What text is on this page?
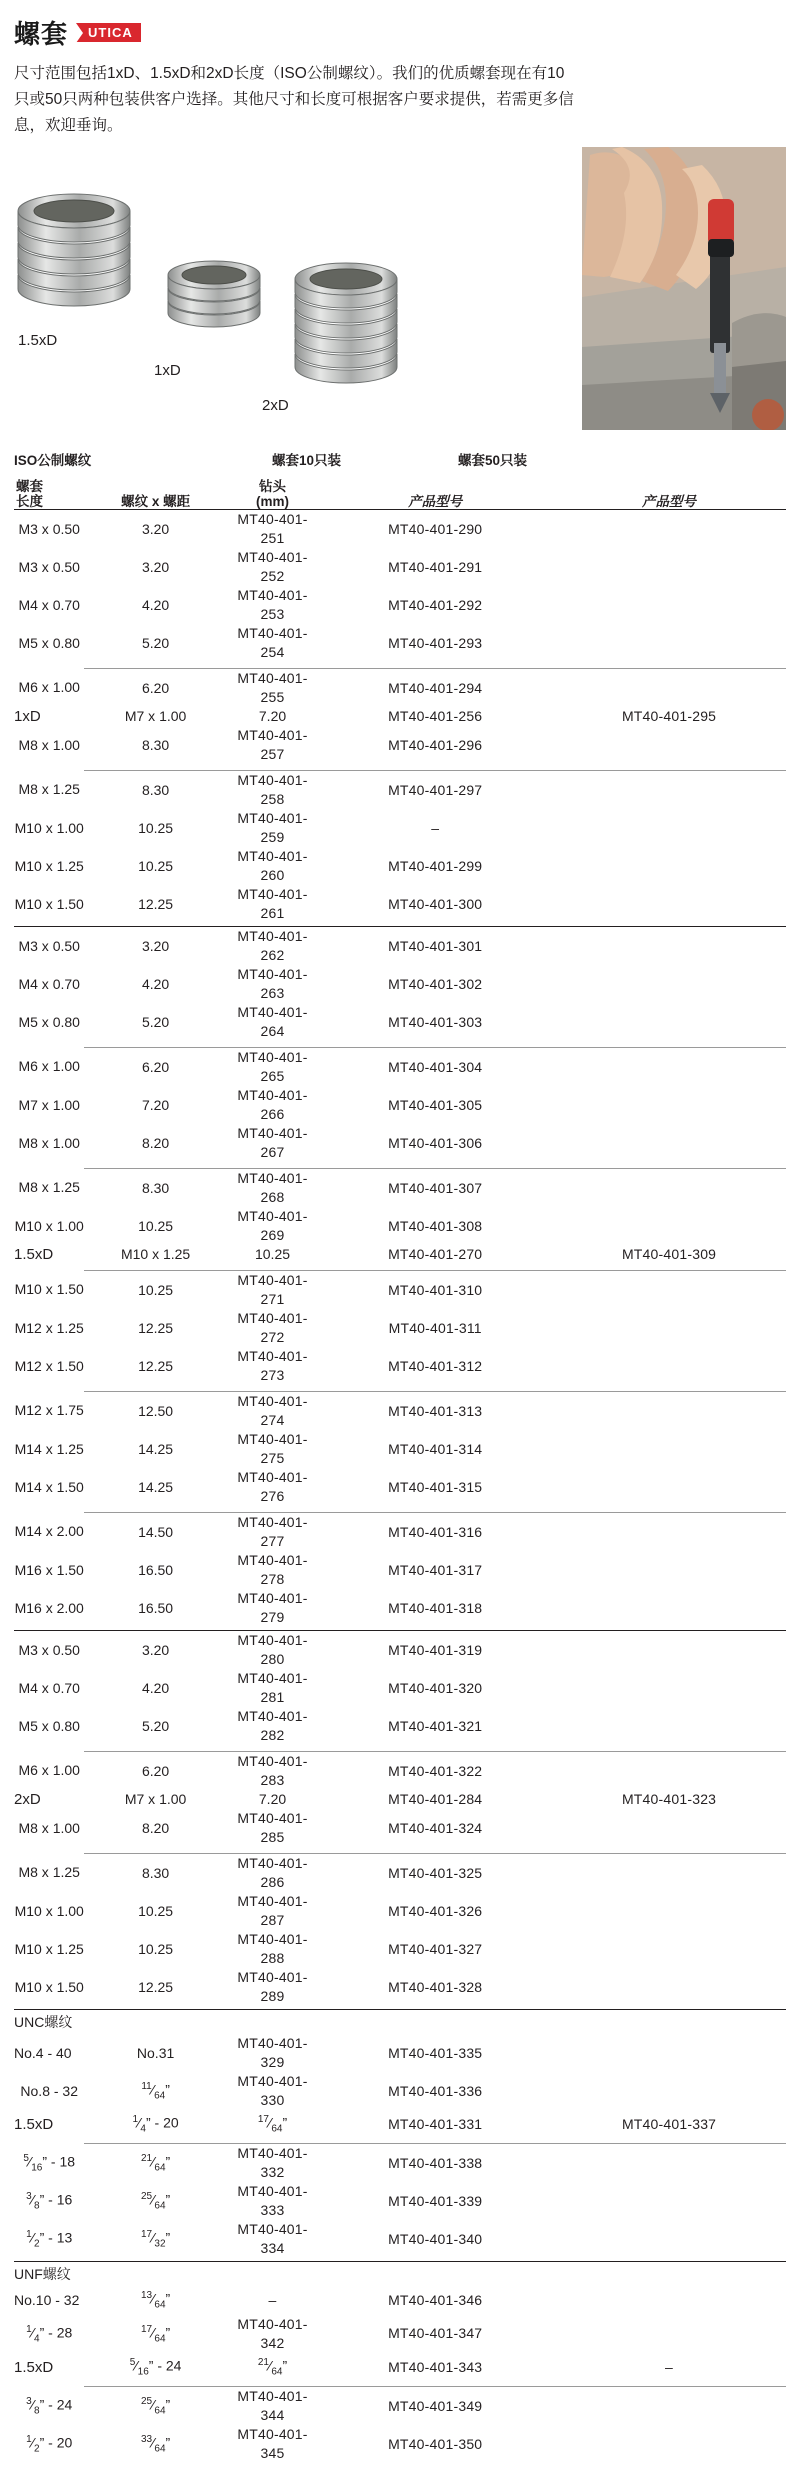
螺套	UTICA
尺寸范围包括1xD、1.5xD和2xD长度（ISO公制螺纹）。我们的优质螺套现在有10只或50只两种包装供客户选择。其他尺寸和长度可根据客户要求提供，若需更多信息，欢迎垂询。
1.5xD
1xD
2xD
ISO公制螺纹	螺套10只装	螺套50只装
螺套		钻头		
长度	螺纹 x 螺距	(mm)	产品型号	产品型号
M3 x 0.50	3.20	MT40-401-251	MT40-401-290	
M3 x 0.50	3.20	MT40-401-252	MT40-401-291	
M4 x 0.70	4.20	MT40-401-253	MT40-401-292	
M5 x 0.80	5.20	MT40-401-254	MT40-401-293	

M6 x 1.00	6.20	MT40-401-255	MT40-401-294	
1xD	M7 x 1.00	7.20	MT40-401-256	MT40-401-295
M8 x 1.00	8.30	MT40-401-257	MT40-401-296	

M8 x 1.25	8.30	MT40-401-258	MT40-401-297	
M10 x 1.00	10.25	MT40-401-259	–	
M10 x 1.25	10.25	MT40-401-260	MT40-401-299	
M10 x 1.50	12.25	MT40-401-261	MT40-401-300	

M3 x 0.50	3.20	MT40-401-262	MT40-401-301	
M4 x 0.70	4.20	MT40-401-263	MT40-401-302	
M5 x 0.80	5.20	MT40-401-264	MT40-401-303	

M6 x 1.00	6.20	MT40-401-265	MT40-401-304	
M7 x 1.00	7.20	MT40-401-266	MT40-401-305	
M8 x 1.00	8.20	MT40-401-267	MT40-401-306	

M8 x 1.25	8.30	MT40-401-268	MT40-401-307	
M10 x 1.00	10.25	MT40-401-269	MT40-401-308	
1.5xD	M10 x 1.25	10.25	MT40-401-270	MT40-401-309

M10 x 1.50	10.25	MT40-401-271	MT40-401-310	
M12 x 1.25	12.25	MT40-401-272	MT40-401-311	
M12 x 1.50	12.25	MT40-401-273	MT40-401-312	

M12 x 1.75	12.50	MT40-401-274	MT40-401-313	
M14 x 1.25	14.25	MT40-401-275	MT40-401-314	
M14 x 1.50	14.25	MT40-401-276	MT40-401-315	

M14 x 2.00	14.50	MT40-401-277	MT40-401-316	
M16 x 1.50	16.50	MT40-401-278	MT40-401-317	
M16 x 2.00	16.50	MT40-401-279	MT40-401-318	

M3 x 0.50	3.20	MT40-401-280	MT40-401-319	
M4 x 0.70	4.20	MT40-401-281	MT40-401-320	
M5 x 0.80	5.20	MT40-401-282	MT40-401-321	

M6 x 1.00	6.20	MT40-401-283	MT40-401-322	
2xD	M7 x 1.00	7.20	MT40-401-284	MT40-401-323
M8 x 1.00	8.20	MT40-401-285	MT40-401-324	

M8 x 1.25	8.30	MT40-401-286	MT40-401-325	
M10 x 1.00	10.25	MT40-401-287	MT40-401-326	
M10 x 1.25	10.25	MT40-401-288	MT40-401-327	
M10 x 1.50	12.25	MT40-401-289	MT40-401-328	

UNC螺纹				
No.4 - 40	No.31	MT40-401-329	MT40-401-335	
No.8 - 32	$^{11}⁄_{64}$”	MT40-401-330	MT40-401-336	
1.5xD	$^1⁄_4$” - 20	$^{17}⁄_{64}$”	MT40-401-331	MT40-401-337

$^5⁄_{16}$” - 18	$^{21}⁄_{64}$”	MT40-401-332	MT40-401-338	
$^3⁄_8$” - 16	$^{25}⁄_{64}$”	MT40-401-333	MT40-401-339	
$^1⁄_2$” - 13	$^{17}⁄_{32}$”	MT40-401-334	MT40-401-340	

UNF螺纹				
No.10 - 32	$^{13}⁄_{64}$”	–	MT40-401-346	
$^1⁄_4$” - 28	$^{17}⁄_{64}$”	MT40-401-342	MT40-401-347	
1.5xD	$^5⁄_{16}$” - 24	$^{21}⁄_{64}$”	MT40-401-343	–

$^3⁄_8$” - 24	$^{25}⁄_{64}$”	MT40-401-344	MT40-401-349	
$^1⁄_2$” - 20	$^{33}⁄_{64}$”	MT40-401-345	MT40-401-350	
